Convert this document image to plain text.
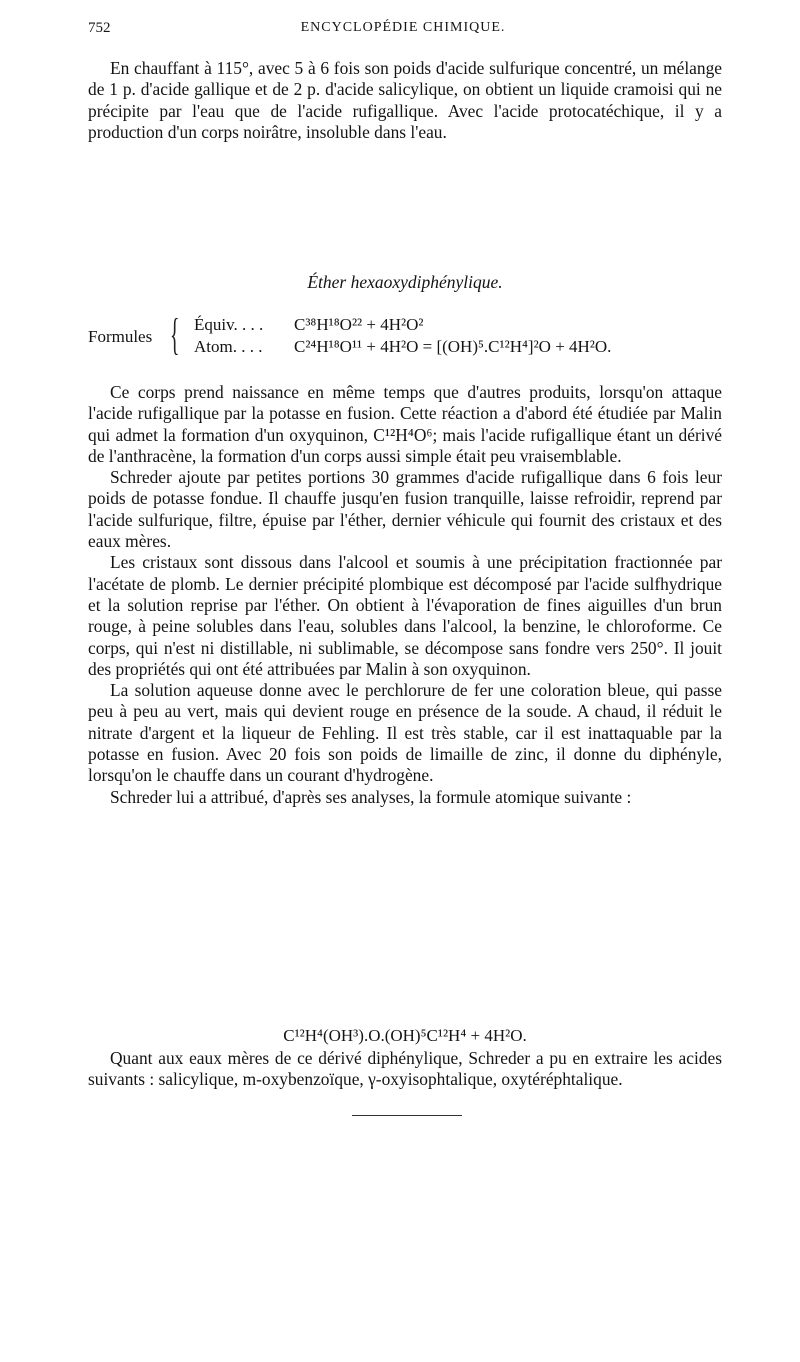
752	ENCYCLOPÉDIE CHIMIQUE.

En chauffant à 115°, avec 5 à 6 fois son poids d'acide sulfurique concentré, un mélange de 1 p. d'acide gallique et de 2 p. d'acide salicylique, on obtient un liquide cramoisi qui ne précipite par l'eau que de l'acide rufigallique. Avec l'acide protocatéchique, il y a production d'un corps noirâtre, insoluble dans l'eau.

Éther hexaoxydiphénylique.
Formules { Équiv. . . . C³⁸H¹⁸O²² + 4H²O²
Atom. . . . C²⁴H¹⁸O¹¹ + 4H²O = [(OH)⁵.C¹²H⁴]²O + 4H²O.

Ce corps prend naissance en même temps que d'autres produits, lorsqu'on attaque l'acide rufigallique par la potasse en fusion. Cette réaction a d'abord été étudiée par Malin qui admet la formation d'un oxyquinon, C¹²H⁴O⁶; mais l'acide rufigallique étant un dérivé de l'anthracène, la formation d'un corps aussi simple était peu vraisemblable.

Schreder ajoute par petites portions 30 grammes d'acide rufigallique dans 6 fois leur poids de potasse fondue. Il chauffe jusqu'en fusion tranquille, laisse refroidir, reprend par l'acide sulfurique, filtre, épuise par l'éther, dernier véhicule qui fournit des cristaux et des eaux mères.

Les cristaux sont dissous dans l'alcool et soumis à une précipitation fractionnée par l'acétate de plomb. Le dernier précipité plombique est décomposé par l'acide sulfhydrique et la solution reprise par l'éther. On obtient à l'évaporation de fines aiguilles d'un brun rouge, à peine solubles dans l'eau, solubles dans l'alcool, la benzine, le chloroforme. Ce corps, qui n'est ni distillable, ni sublimable, se décompose sans fondre vers 250°. Il jouit des propriétés qui ont été attribuées par Malin à son oxyquinon.

La solution aqueuse donne avec le perchlorure de fer une coloration bleue, qui passe peu à peu au vert, mais qui devient rouge en présence de la soude. A chaud, il réduit le nitrate d'argent et la liqueur de Fehling. Il est très stable, car il est inattaquable par la potasse en fusion. Avec 20 fois son poids de limaille de zinc, il donne du diphényle, lorsqu'on le chauffe dans un courant d'hydrogène.

Schreder lui a attribué, d'après ses analyses, la formule atomique suivante :

C¹²H⁴(OH³).O.(OH)⁵C¹²H⁴ + 4H²O.

Quant aux eaux mères de ce dérivé diphénylique, Schreder a pu en extraire les acides suivants : salicylique, m-oxybenzoïque, γ-oxyisophtalique, oxytéréphtalique.
